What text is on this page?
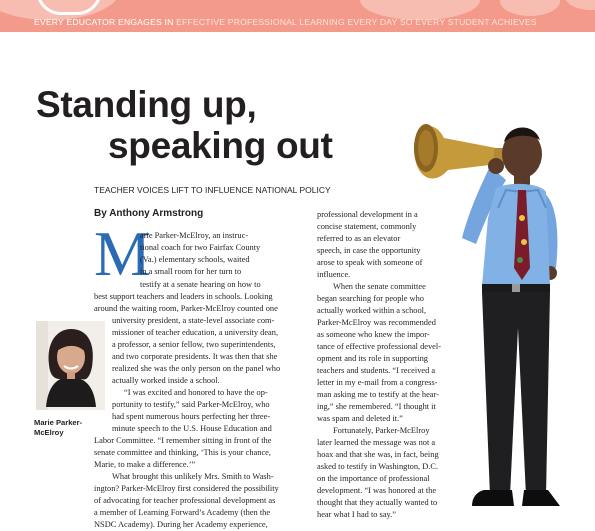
EVERY EDUCATOR ENGAGES IN EFFECTIVE PROFESSIONAL LEARNING EVERY DAY SO EVERY STUDENT ACHIEVES
Standing up,
speaking out
TEACHER VOICES LIFT TO INFLUENCE NATIONAL POLICY
By Anthony Armstrong
M
arie Parker-McElroy, an instruc-
tional coach for two Fairfax County
(Va.) elementary schools, waited
in a small room for her turn to
testify at a senate hearing on how to
best support teachers and leaders in schools. Looking
around the waiting room, Parker-McElroy counted one
university president, a state-level associate com-
missioner of teacher education, a university dean,
a professor, a senior fellow, two superintendents,
and two corporate presidents. It was then that she
realized she was the only person on the panel who
actually worked inside a school.
“I was excited and honored to have the op-
portunity to testify,” said Parker-McElroy, who
had spent numerous hours perfecting her three-
minute speech to the U.S. House Education and
Labor Committee. “I remember sitting in front of the
senate committee and thinking, ‘This is your chance,
Marie, to make a difference.’”
What brought this unlikely Mrs. Smith to Wash-
ington? Parker-McElroy first considered the possibility
of advocating for teacher professional development as
a member of Learning Forward’s Academy (then the
NSDC Academy). During her Academy experience,
professional development in a
concise statement, commonly
referred to as an elevator
speech, in case the opportunity
arose to speak with someone of
influence.
When the senate committee
began searching for people who
actually worked within a school,
Parker-McElroy was recommended
as someone who knew the impor-
tance of effective professional devel-
opment and its role in supporting
teachers and students. “I received a
letter in my e-mail from a congress-
man asking me to testify at the hear-
ing,” she remembered. “I thought it
was spam and deleted it.”
Fortunately, Parker-McElroy
later learned the message was not a
hoax and that she was, in fact, being
asked to testify in Washington, D.C.
on the importance of professional
development. “I was honored at the
thought that they actually wanted to
hear what I had to say.”
Marie Parker-
McElroy
